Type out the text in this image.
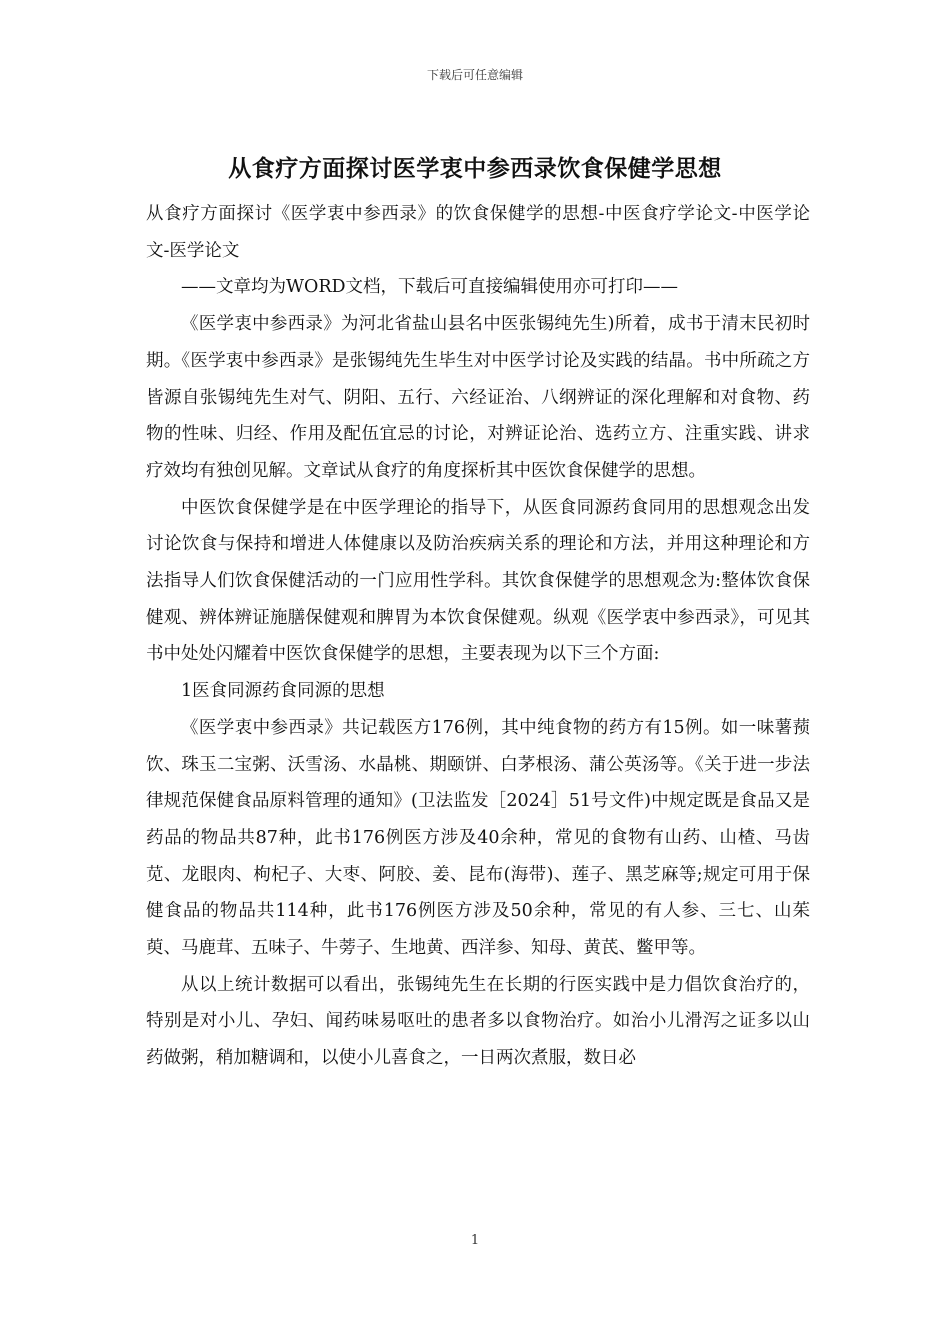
下载后可任意编辑
从食疗方面探讨医学衷中参西录饮食保健学思想

从食疗方面探讨《医学衷中参西录》的饮食保健学的思想-中医食疗学论文-中医学论文-医学论文

——文章均为WORD文档，下载后可直接编辑使用亦可打印——

《医学衷中参西录》为河北省盐山县名中医张锡纯先生)所着，成书于清末民初时期。《医学衷中参西录》是张锡纯先生毕生对中医学讨论及实践的结晶。书中所疏之方皆源自张锡纯先生对气、阴阳、五行、六经证治、八纲辨证的深化理解和对食物、药物的性味、归经、作用及配伍宜忌的讨论，对辨证论治、选药立方、注重实践、讲求疗效均有独创见解。文章试从食疗的角度探析其中医饮食保健学的思想。

中医饮食保健学是在中医学理论的指导下，从医食同源药食同用的思想观念出发讨论饮食与保持和增进人体健康以及防治疾病关系的理论和方法，并用这种理论和方法指导人们饮食保健活动的一门应用性学科。其饮食保健学的思想观念为:整体饮食保健观、辨体辨证施膳保健观和脾胃为本饮食保健观。纵观《医学衷中参西录》，可见其书中处处闪耀着中医饮食保健学的思想，主要表现为以下三个方面:

1医食同源药食同源的思想

《医学衷中参西录》共记载医方176例，其中纯食物的药方有15例。如一味薯蓣饮、珠玉二宝粥、沃雪汤、水晶桃、期颐饼、白茅根汤、蒲公英汤等。《关于进一步法律规范保健食品原料管理的通知》(卫法监发［2024］51号文件)中规定既是食品又是药品的物品共87种，此书176例医方涉及40余种，常见的食物有山药、山楂、马齿苋、龙眼肉、枸杞子、大枣、阿胶、姜、昆布(海带)、莲子、黑芝麻等;规定可用于保健食品的物品共114种，此书176例医方涉及50余种，常见的有人参、三七、山茱萸、马鹿茸、五味子、牛蒡子、生地黄、西洋参、知母、黄芪、鳖甲等。

从以上统计数据可以看出，张锡纯先生在长期的行医实践中是力倡饮食治疗的，特别是对小儿、孕妇、闻药味易呕吐的患者多以食物治疗。如治小儿滑泻之证多以山药做粥，稍加糖调和，以使小儿喜食之，一日两次煮服，数日必

1
